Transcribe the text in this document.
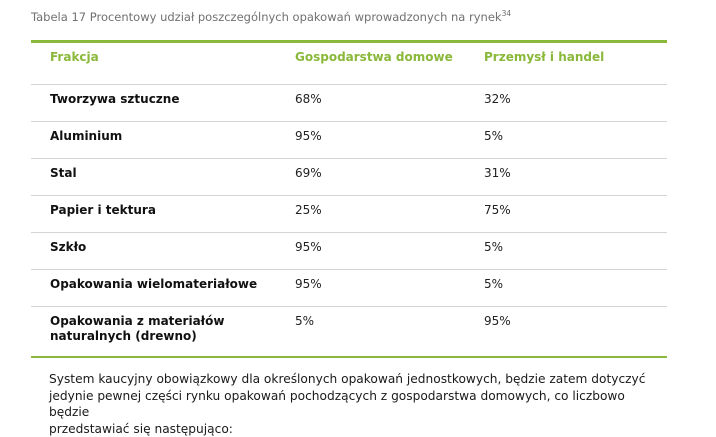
Tabela 17 Procentowy udział poszczególnych opakowań wprowadzonych na rynek$^{34}$
Frakcja	Gospodarstwa domowe	Przemysł i handel
Tworzywa sztuczne	68%	32%
Aluminium	95%	5%
Stal	69%	31%
Papier i tektura	25%	75%
Szkło	95%	5%
Opakowania wielomateriałowe	95%	5%
Opakowania z materiałów
naturalnych (drewno)
5%	95%
System kaucyjny obowiązkowy dla określonych opakowań jednostkowych, będzie zatem dotyczyć
jedynie pewnej części rynku opakowań pochodzących z gospodarstwa domowych, co liczbowo będzie
przedstawiać się następująco:
